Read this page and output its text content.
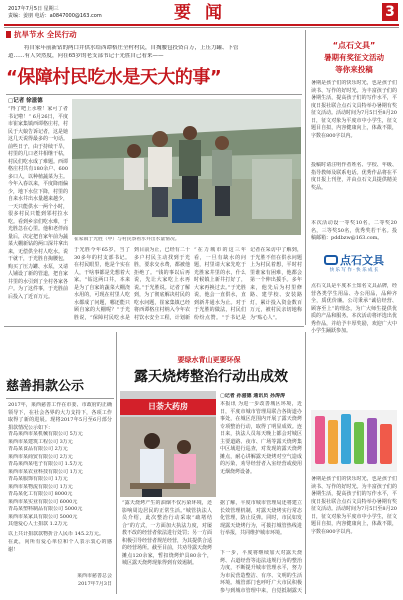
2017年7月5日 星期三
责编：姜朋 电话：a0847000@163.com	要 闻	3
抗旱节水 全民行动
将自家年前新钻的两口井供水给西谭格庄全村村民，自掏腰包投资百万，上压力罐、下管
道……有人突然度，问在65岁的老支部书记于光胜自己看来——
“保障村民吃水是天大的事”
▢记者 徐滋德
“得了吧上水啦！家可了者书记啦！” 6月26日，平度市崔家集镇西谭格庄村，村民于大娘告诉记者，这是她这几天说得最多的一句话。前些日子，由于持续干旱，村里的几口老井相继干枯，村民们吃水成了难题。西谭格庄村共有180余户、600多口人，以种植蔬菜为主。今年入春以来，平度降雨偏少，地下水位下降，村里的自来水井出水量越来越少，一天只能供水一两个小时，很多村民只能到邻村拉水吃。看到乡亲们吃水难，于光胜急在心里。他和老伴商量后，决定把自家年前为蔬菜大棚新钻的两口深井拿出来，无偿供全村人吃水。说干就干，于光胜自掏腰包，购买了压力罐、水泵，又请人铺设了新的管道，把自家井里的水引到了全村各家各户。为了这件事，于光胜前后投入了近百万元。
崔家镇于光胜（中）与村民察看水井出水量情况。
于光胜今年65岁，当了30多年的村支部书记。在村民眼里，他是个实在人，干啥事都是先想着大家。“钻这两口井，本来是为了自家的蔬菜大棚浇水用的，可现在村里人吃水都成了问题，哪还能只顾自家的大棚呢？”于光胜说，“保障村民吃水是
到目前为止，已经有二十多户村民主动找到于光胜，要求交水费，都被他拒绝了。“钱的事以后再说，先让大家吃上水再说。”于光胜说。记者了解到，为了彻底解决村民的吃水问题，崔家集镇已经将西谭格庄村纳入今年农村饮水安全工程，计划新
“在力城市的这三年看，一旦有缺水的问题，村里请大家先吃于光胜家井里的水，什么时候镇上新井打好了，大家再换过去。”于光胜说，他会一直供水，直到新井通水为止。对于于光胜的做法，村民们纷纷点赞。“于书记是
记者在采访中了解到，于光胜不但在供水问题上为村民着想，平时村里谁家有困难，他都会第一个伸出援手。多年来，他先后为村里修路、建学校、安装路灯，累计投入资金数百万元，被村民亲切地称为“贴心人”。
“点石文具”
暑期有奖征文活动
等你来投稿
暑期是孩子们的快乐时光，也是孩子们读书、写作的好时光。为丰富孩子们的暑期生活，提高孩子们的写作水平，平度日报社联合点石文具特举办暑期有奖征文活动。活动时间为7月5日至8月20日，征文对象为平度市中小学生，征文题目自拟，内容健康向上，体裁不限，字数在800字以内。
投稿时请注明作者姓名、学校、年级、指导教师及联系电话。优秀作品将在平度日报上刊登，并由点石文具提供精美奖品。
本次活动设一等奖10名，二等奖20名，三等奖50名，优秀奖若干名。投稿邮箱：pddbzw@163.com。
点石文具
快 乐 写 作 · 快 乐 成 长
点石文具是平度本土知名文具品牌，经营各类学生用品、办公用品，品种齐全，质优价廉。公司秉承“诚信经营、顾客至上”的理念，为广大师生提供优质的产品和服务。本次活动将评选出优秀作品，并给予丰厚奖励，欢迎广大中小学生踊跃参加。
慈善捐款公示
2017年，莱西慈善工作在市委、市政府的正确领导下，在社会各界的大力支持下，各项工作取得了新的进展。现将2017年5月至6月部分捐款情况公示如下：
青岛莱西市某机械有限公司 5万元
莱西市某建筑工程公司 3万元
青岛某食品有限公司 2万元
莱西市某商贸有限公司 2万元
青岛莱西某电子有限公司 1.5万元
莱西市某农业科技有限公司 1万元
青岛某服饰有限公司 1万元
莱西市某物流有限公司 1万元
青岛某化工有限公司 8000元
莱西市某实业有限公司 6000元
青岛某塑料制品有限公司 5000元
莱西市某家具有限公司 5000元
其他爱心人士捐款 1.2万元
以上共计捐款款物折合人民币 145.2万元。
在此，向所有爱心单位和个人表示衷心的感谢！
莱西市慈善总会
2017年7月3日
要绿水青山更要环保
露天烧烤整治行动出成效
日荼大药房
▢记者 孙滋德 通讯员 孙涛涛
本报讯 为进一步改善城区环境，近日，平度市城市管理局联合各街道办事处，在城区范围内开展了露天烧烤专项整治行动，取得了明显成效。连日来，执法人员每天晚上都会对城区主要道路、夜市、广场等露天烧烤集中区域进行巡查，对发现的露天烧烤摊点，耐心讲解露天烧烤对空气造成的污染，劝导经营者入室经营或使用无烟烧烤设备。
“露天烧烤产生的油烟不仅污染环境，还影响周边居民的正常生活。”城管执法人员介绍，此次整治行动采取“疏堵结合”的方式，一方面加大执法力度，对屡教不改的经营者依法进行处罚；另一方面积极引导经营者规范经营，为其提供合适的经营场所。截至目前，共劝导露天烧烤摊点120余家，暂扣烧烤炉具80余个，城区露天烧烤现象得到有效遏制。
据了解，平度市城市管理局还将建立长效管理机制，对露天烧烤实行常态化管理，防止反弹。同时，市民如发现露天烧烤行为，可拨打城管热线进行举报，共同维护城市环境。
下一步，平度将继续加大对露天烧烤、占道经营等违法违规行为的整治力度，不断提升城市管理水平，努力为市民营造整洁、有序、文明的生活环境。城管部门也呼吁广大市民积极参与到城市管理中来，自觉抵制露天
暑期是孩子们的快乐时光，也是孩子们读书、写作的好时光。为丰富孩子们的暑期生活，提高孩子们的写作水平，平度日报社联合点石文具特举办暑期有奖征文活动。活动时间为7月5日至8月20日，征文对象为平度市中小学生，征文题目自拟，内容健康向上，体裁不限，字数在800字以内。
